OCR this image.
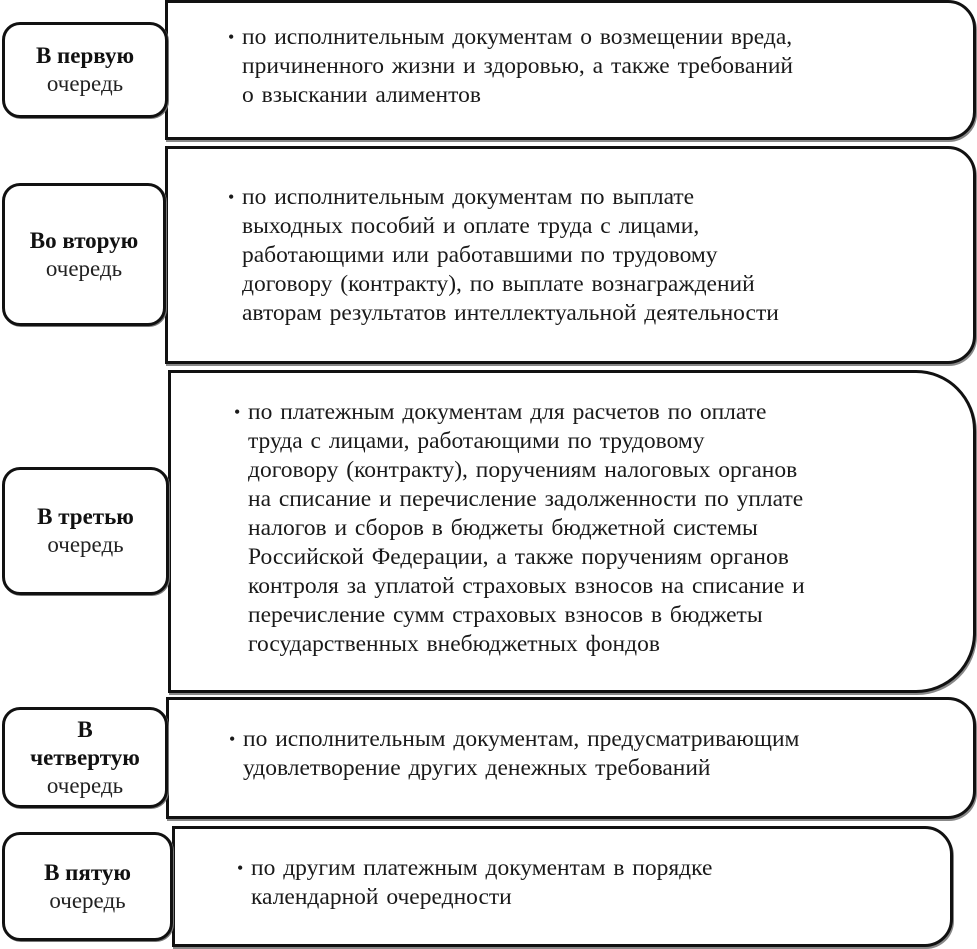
• по исполнительным документам о возмещении вреда,
причиненного жизни и здоровью, а также требований
о взыскании алиментов
В первую
очередь
• по исполнительным документам по выплате
выходных пособий и оплате труда с лицами,
работающими или работавшими по трудовому
договору (контракту), по выплате вознаграждений
авторам результатов интеллектуальной деятельности
Во вторую
очередь
• по платежным документам для расчетов по оплате
труда с лицами, работающими по трудовому
договору (контракту), поручениям налоговых органов
на списание и перечисление задолженности по уплате
налогов и сборов в бюджеты бюджетной системы
Российской Федерации, а также поручениям органов
контроля за уплатой страховых взносов на списание и
перечисление сумм страховых взносов в бюджеты
государственных внебюджетных фондов
В третью
очередь
• по исполнительным документам, предусматривающим
удовлетворение других денежных требований
В
четвертую
очередь
• по другим платежным документам в порядке
календарной очередности
В пятую
очередь
